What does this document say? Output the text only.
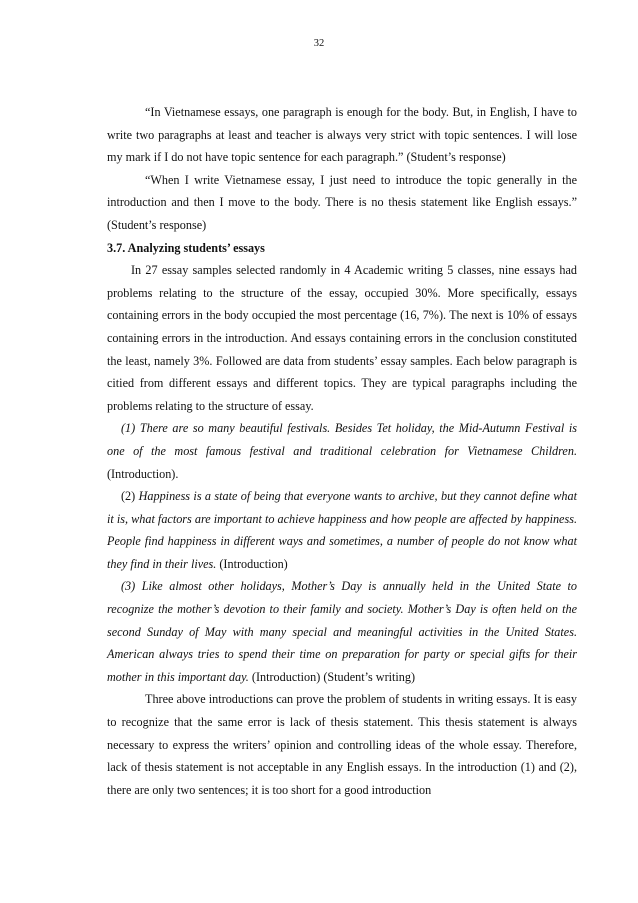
32

“In Vietnamese essays, one paragraph is enough for the body. But, in English, I have to write two paragraphs at least and teacher is always very strict with topic sentences. I will lose my mark if I do not have topic sentence for each paragraph.” (Student’s response)

“When I write Vietnamese essay, I just need to introduce the topic generally in the introduction and then I move to the body. There is no thesis statement like English essays.” (Student’s response)

3.7. Analyzing students’ essays

In 27 essay samples selected randomly in 4 Academic writing 5 classes, nine essays had problems relating to the structure of the essay, occupied 30%. More specifically, essays containing errors in the body occupied the most percentage (16, 7%). The next is 10% of essays containing errors in the introduction. And essays containing errors in the conclusion constituted the least, namely 3%. Followed are data from students’ essay samples. Each below paragraph is citied from different essays and different topics. They are typical paragraphs including the problems relating to the structure of essay.

(1) There are so many beautiful festivals. Besides Tet holiday, the Mid-Autumn Festival is one of the most famous festival and traditional celebration for Vietnamese Children. (Introduction).

(2) Happiness is a state of being that everyone wants to archive, but they cannot define what it is, what factors are important to achieve happiness and how people are affected by happiness. People find happiness in different ways and sometimes, a number of people do not know what they find in their lives. (Introduction)

(3) Like almost other holidays, Mother’s Day is annually held in the United State to recognize the mother’s devotion to their family and society. Mother’s Day is often held on the second Sunday of May with many special and meaningful activities in the United States. American always tries to spend their time on preparation for party or special gifts for their mother in this important day. (Introduction) (Student’s writing)

Three above introductions can prove the problem of students in writing essays. It is easy to recognize that the same error is lack of thesis statement. This thesis statement is always necessary to express the writers’ opinion and controlling ideas of the whole essay. Therefore, lack of thesis statement is not acceptable in any English essays. In the introduction (1) and (2), there are only two sentences; it is too short for a good introduction
